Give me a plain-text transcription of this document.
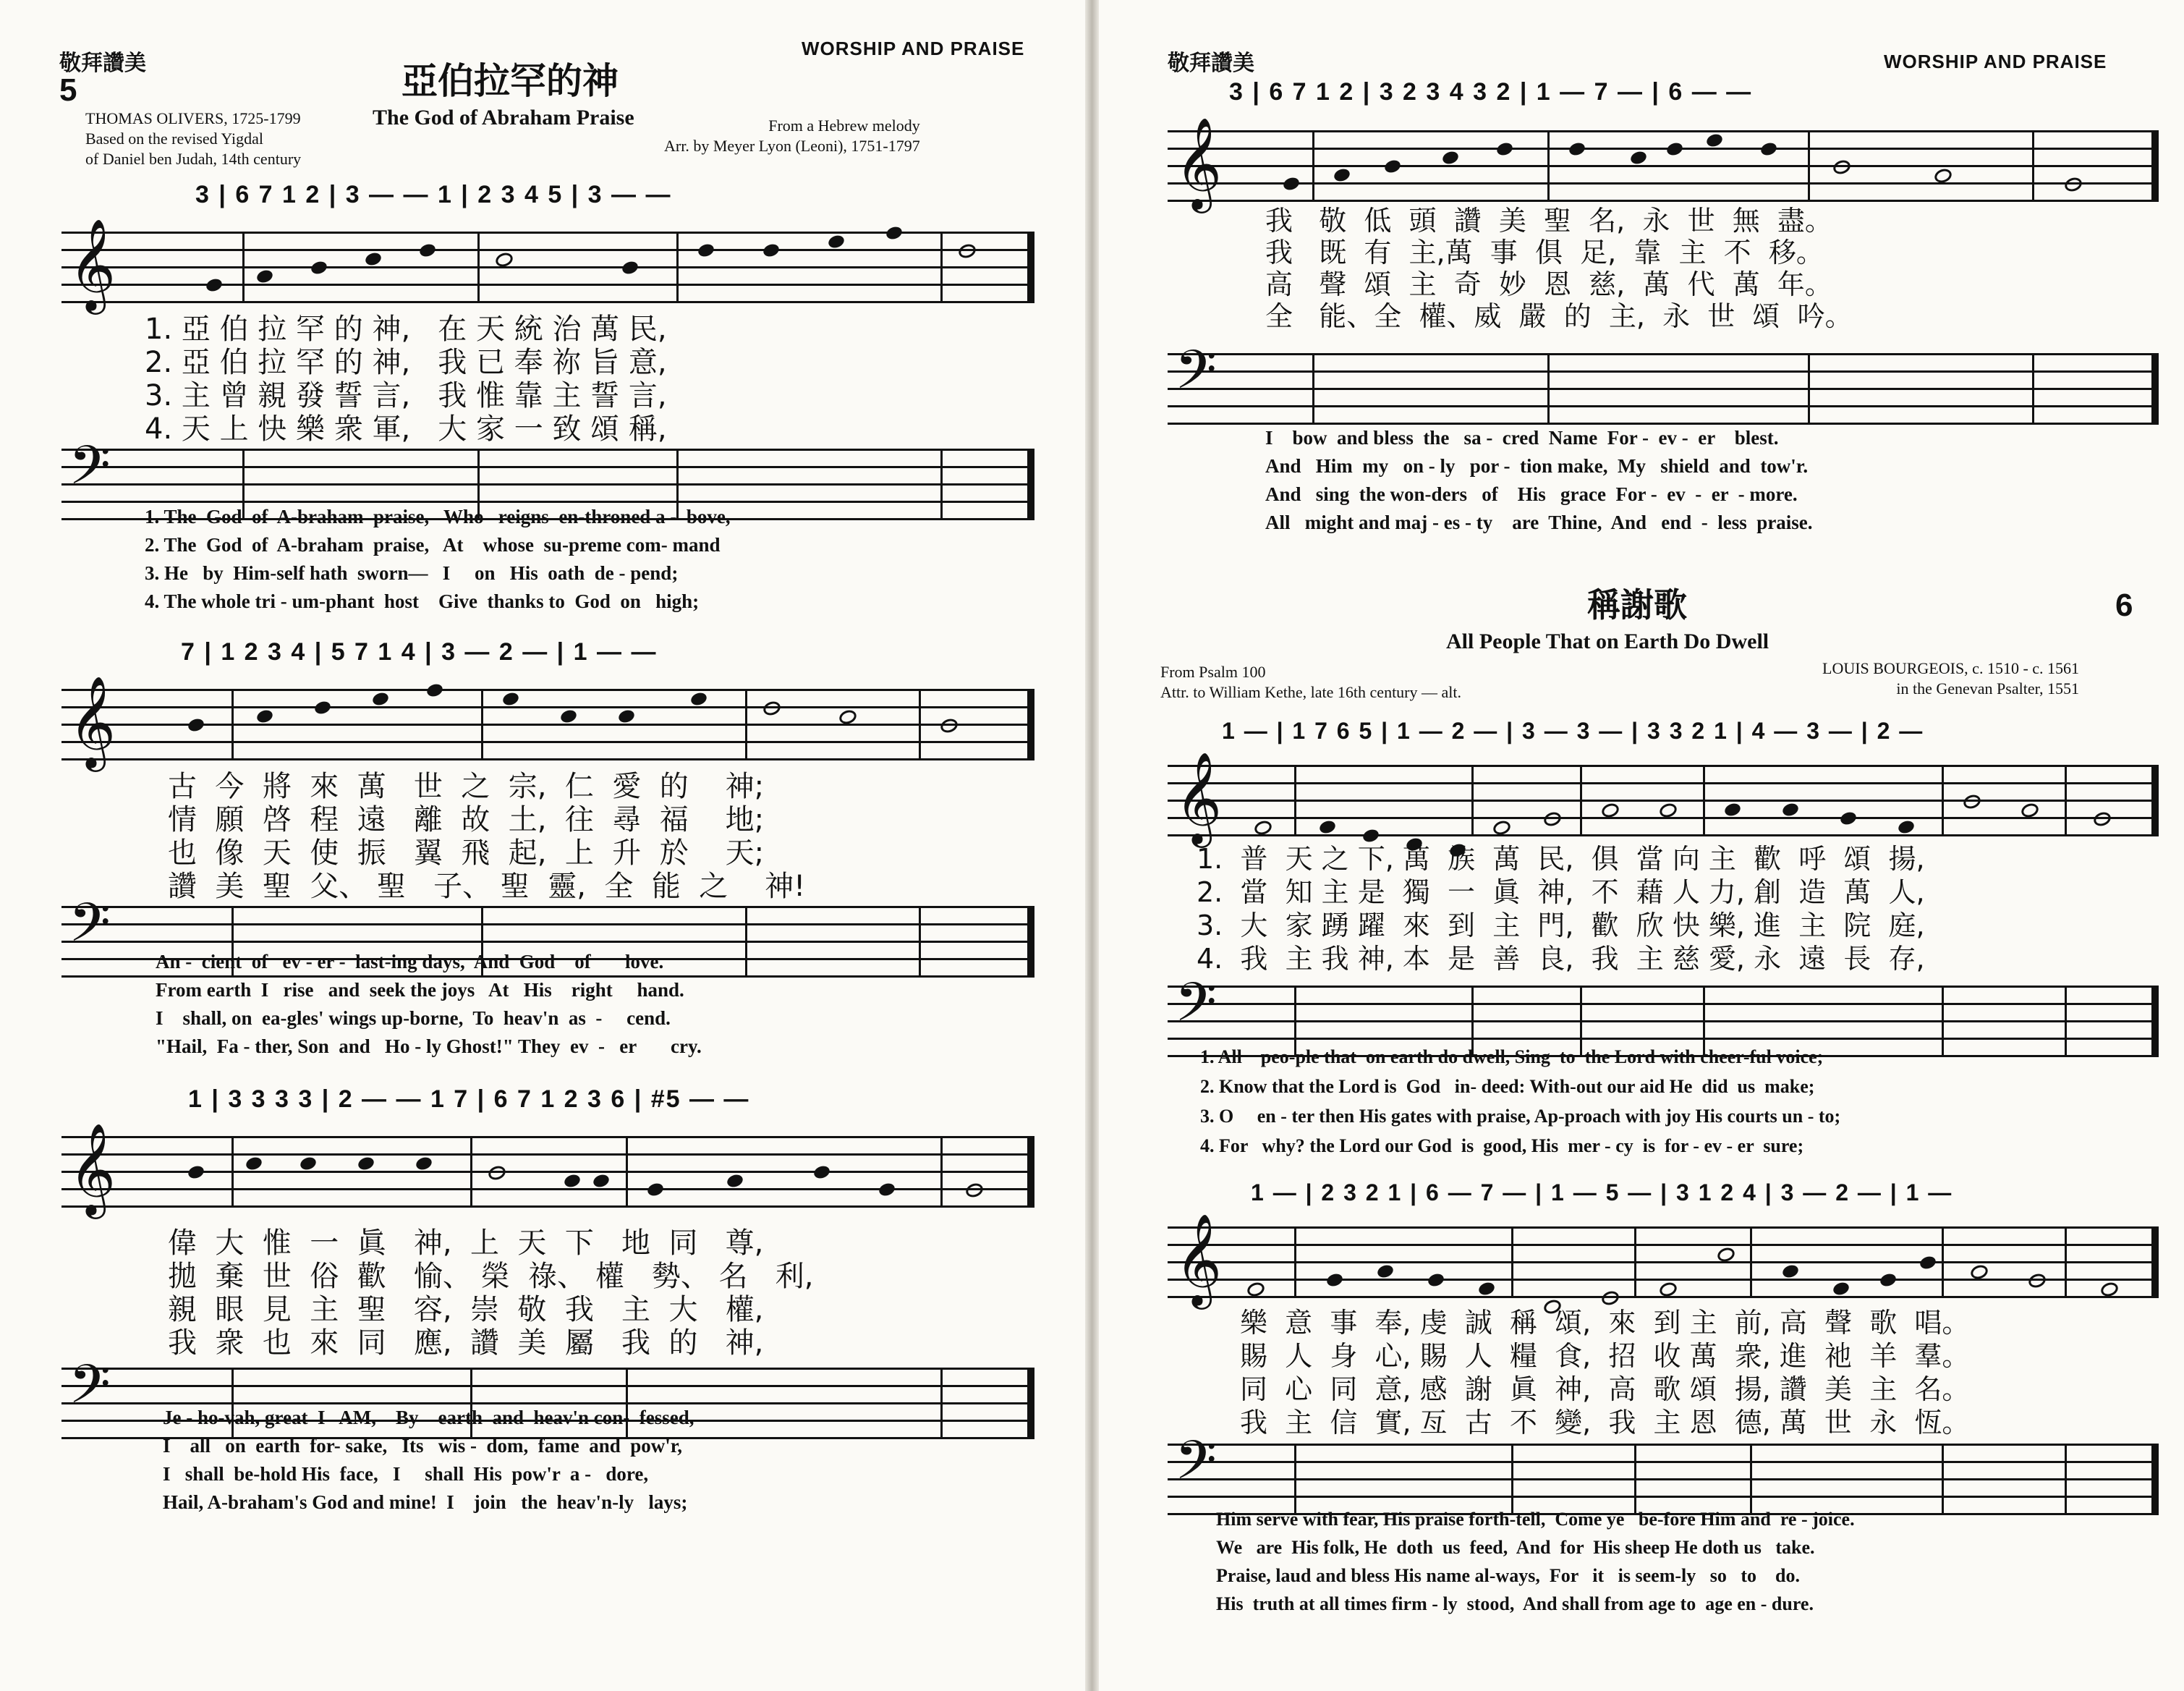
敬拜讚美
WORSHIP AND PRAISE
5	亞伯拉罕的神
The God of Abraham Praise
THOMAS OLIVERS, 1725-1799
Based on the revised Yigdal
of Daniel ben Judah, 14th century
From a Hebrew melody
Arr. by Meyer Lyon (Leoni), 1751-1797
3 | 6 7 1 2 | 3 — — 1 | 2 3 4 5 | 3 — —
𝄞
1. 亞 伯 拉 罕 的 神,   在 天 統 治 萬 民,
2. 亞 伯 拉 罕 的 神,   我 已 奉 祢 旨 意,
3. 主 曾 親 發 誓 言,   我 惟 靠 主 誓 言,
4. 天 上 快 樂 衆 軍,   大 家 一 致 頌 稱,
𝄢
1. The  God  of  A-braham  praise,   Who   reigns  en-throned a -  bove,
2. The  God  of  A-braham  praise,   At    whose  su-preme com- mand
3. He   by  Him-self hath  sworn—   I     on   His  oath  de - pend;
4. The whole tri - um-phant  host    Give  thanks to  God  on   high;
7 | 1 2 3 4 | 5 7 1 4 | 3 — 2 — | 1 — —
𝄞
古  今  將  來  萬   世  之  宗,  仁  愛  的    神;
情  願  啓  程  遠   離  故  土,  往  尋  福    地;
也  像  天  使  振   翼  飛  起,  上  升  於    天;
讚  美  聖  父、 聖   子、 聖  靈,  全  能  之    神!
𝄢 An -  cient  of   ev - er -  last-ing days,  And  God    of       love.
From earth  I   rise   and  seek the joys   At   His    right     hand.
I    shall, on  ea-gles' wings up-borne,  To  heav'n  as  -     cend.
"Hail,  Fa - ther, Son  and   Ho - ly Ghost!" They  ev  -   er       cry.
1 | 3 3 3 3 | 2 — — 1 7 | 6 7 1 2 3 6 | #5 — —
𝄞
偉  大  惟  一  眞   神,  上  天  下   地  同   尊,
拋  棄  世  俗  歡   愉、 榮  祿、 權   勢、 名   利,
親  眼  見  主  聖   容,  崇  敬  我   主  大   權,
我  衆  也  來  同   應,  讚  美  屬   我  的   神,
𝄢	Je - ho-vah, great  I   AM,    By    earth  and  heav'n con-  fessed,
I    all   on  earth  for- sake,   Its   wis -  dom,  fame  and  pow'r,
I   shall  be-hold His  face,   I     shall  His  pow'r  a -   dore,
Hail, A-braham's God and mine!  I    join   the  heav'n-ly   lays;
敬拜讚美	WORSHIP AND PRAISE
3 | 6 7 1 2 | 3 2 3 4 3 2 | 1 — 7 — | 6 — —
𝄞
我   敬  低  頭  讚  美  聖  名,  永  世  無  盡。
我   既  有  主,萬  事  俱  足,  靠  主  不  移。
高   聲  頌  主  奇  妙  恩  慈,  萬  代  萬  年。
全   能、全  權、威  嚴  的  主,  永  世  頌  吟。
𝄢
I    bow  and bless  the   sa -  cred  Name  For -  ev -  er    blest.
And   Him  my   on - ly   por -  tion make,  My   shield  and  tow'r.
And   sing  the won-ders   of    His   grace  For -  ev  -  er  - more.
All   might and maj - es - ty    are  Thine,  And   end  -  less  praise.
稱謝歌	6
All People That on Earth Do Dwell
From Psalm 100
Attr. to William Kethe, late 16th century — alt.
LOUIS BOURGEOIS, c. 1510 - c. 1561
in the Genevan Psalter, 1551
1 — | 1 7 6 5 | 1 — 2 — | 3 — 3 — | 3 3 2 1 | 4 — 3 — | 2 —
𝄞
1.  普  天 之 下, 萬  族  萬  民,  俱  當 向 主  歡  呼  頌  揚,
2.  當  知 主 是  獨  一  眞  神,  不  藉 人 力, 創  造  萬  人,
3.  大  家 踴 躍  來  到  主  門,  歡  欣 快 樂, 進  主  院  庭,
4.  我  主 我 神, 本  是  善  良,  我  主 慈 愛, 永  遠  長  存,
𝄢
1. All    peo-ple that  on earth do dwell, Sing  to  the Lord with cheer-ful voice;
2. Know that the Lord is  God   in- deed: With-out our aid He  did  us  make;
3. O     en - ter then His gates with praise, Ap-proach with joy His courts un - to;
4. For   why? the Lord our God  is  good, His  mer - cy  is  for - ev - er  sure;
1 — | 2 3 2 1 | 6 — 7 — | 1 — 5 — | 3 1 2 4 | 3 — 2 — | 1 —
𝄞
樂  意  事  奉, 虔  誠  稱  頌,  來  到 主  前, 高  聲  歌  唱。
賜  人  身  心, 賜  人  糧  食,  招  收 萬  衆, 進  祂  羊  羣。
同  心  同  意, 感  謝  眞  神,  高  歌 頌  揚, 讚  美  主  名。
我  主  信  實, 亙  古  不  變,  我  主 恩  德, 萬  世  永  恆。
𝄢
Him serve with fear, His praise forth-tell,  Come ye   be-fore Him and  re - joice.
We   are  His folk, He  doth  us  feed,  And  for  His sheep He doth us   take.
Praise, laud and bless His name al-ways,  For   it   is seem-ly   so   to    do.
His  truth at all times firm - ly  stood,  And shall from age to  age en - dure.
